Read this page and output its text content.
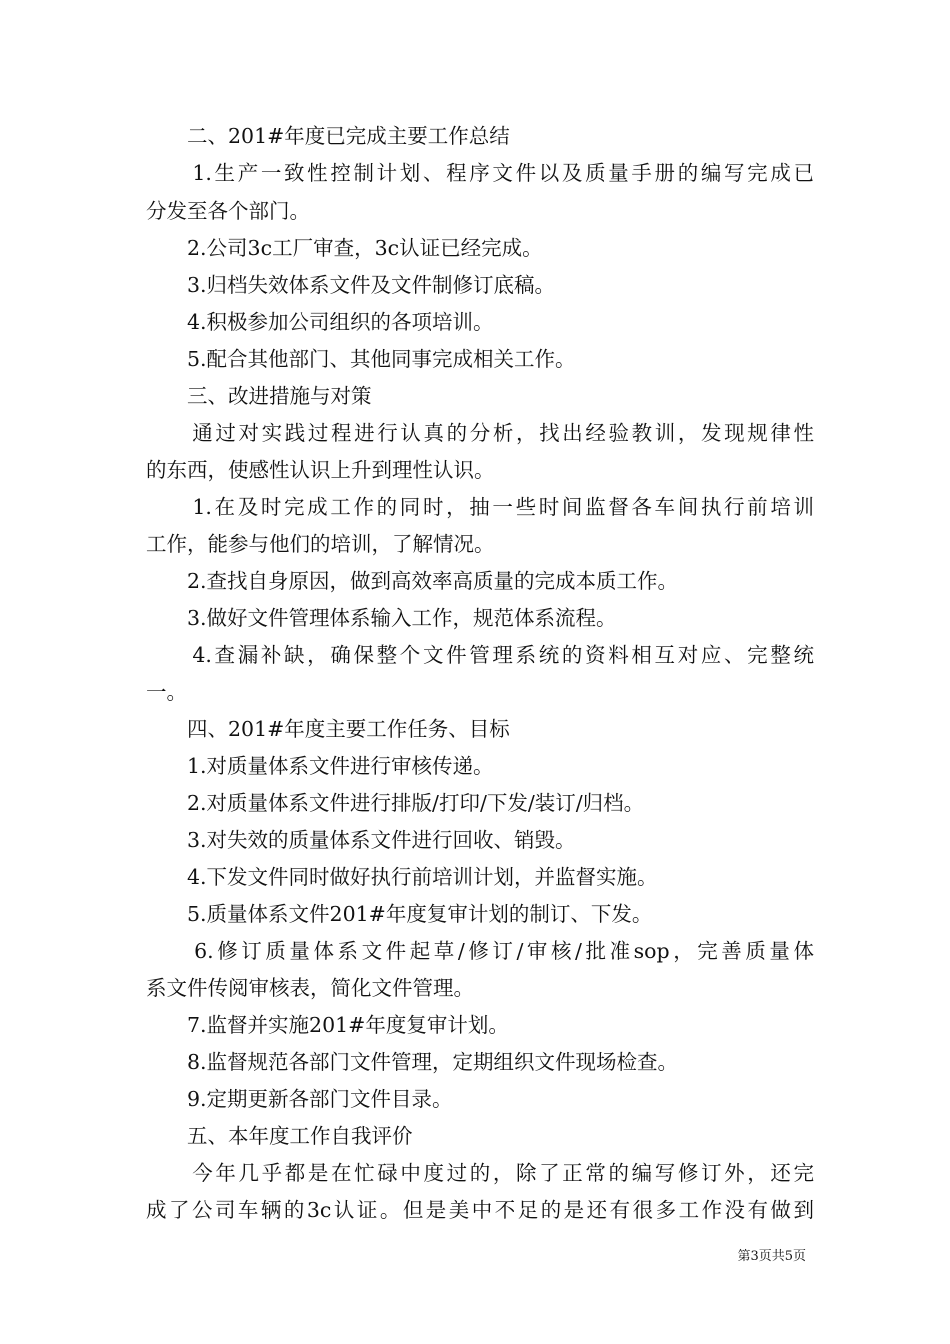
　　二、201#年度已完成主要工作总结
　　1.生产一致性控制计划、程序文件以及质量手册的编写完成已
分发至各个部门。
　　2.公司3c工厂审查，3c认证已经完成。
　　3.归档失效体系文件及文件制修订底稿。
　　4.积极参加公司组织的各项培训。
　　5.配合其他部门、其他同事完成相关工作。
　　三、改进措施与对策
　　通过对实践过程进行认真的分析，找出经验教训，发现规律性
的东西，使感性认识上升到理性认识。
　　1.在及时完成工作的同时，抽一些时间监督各车间执行前培训
工作，能参与他们的培训，了解情况。
　　2.查找自身原因，做到高效率高质量的完成本质工作。
　　3.做好文件管理体系输入工作，规范体系流程。
　　4.查漏补缺，确保整个文件管理系统的资料相互对应、完整统
一。
　　四、201#年度主要工作任务、目标
　　1.对质量体系文件进行审核传递。
　　2.对质量体系文件进行排版/打印/下发/装订/归档。
　　3.对失效的质量体系文件进行回收、销毁。
　　4.下发文件同时做好执行前培训计划，并监督实施。
　　5.质量体系文件201#年度复审计划的制订、下发。
　　6.修订质量体系文件起草/修订/审核/批准sop，完善质量体
系文件传阅审核表，简化文件管理。
　　7.监督并实施201#年度复审计划。
　　8.监督规范各部门文件管理，定期组织文件现场检查。
　　9.定期更新各部门文件目录。
　　五、本年度工作自我评价
　　今年几乎都是在忙碌中度过的，除了正常的编写修订外，还完
成了公司车辆的3c认证。但是美中不足的是还有很多工作没有做到
第3页共5页
